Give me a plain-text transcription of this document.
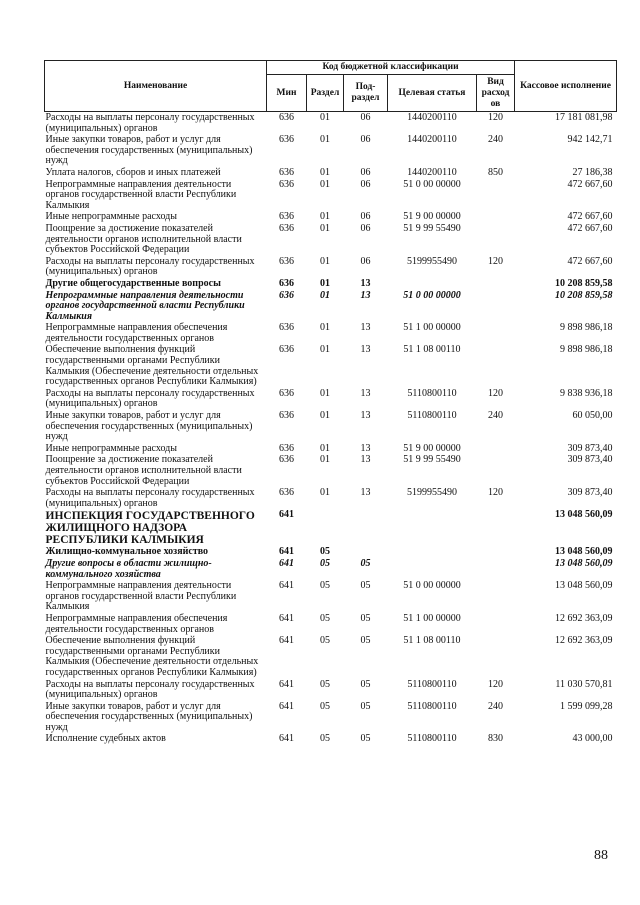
Наименование	Код бюджетной классификации					Кассовое исполнение
	Мин	Раздел	Под-раздел	Целевая статья	Вид расход ов	
Расходы на выплаты персоналу государственных (муниципальных) органов	636	01	06	1440200110	120	17 181 081,98
Иные закупки товаров, работ и услуг для обеспечения государственных (муниципальных) нужд	636	01	06	1440200110	240	942 142,71
Уплата налогов, сборов и иных платежей	636	01	06	1440200110	850	27 186,38
Непрограммные направления деятельности органов государственной власти Республики Калмыкия	636	01	06	51 0 00 00000		472 667,60
Иные непрограммные расходы	636	01	06	51 9 00 00000		472 667,60
Поощрение за достижение показателей деятельности органов исполнительной власти субъектов Российской Федерации	636	01	06	51 9 99 55490		472 667,60
Расходы на выплаты персоналу государственных (муниципальных) органов	636	01	06	5199955490	120	472 667,60
Другие общегосударственные вопросы	636	01	13			10 208 859,58
Непрограммные направления деятельности органов государственной власти Республики Калмыкия	636	01	13	51 0 00 00000		10 208 859,58
Непрограммные направления обеспечения деятельности государственных органов	636	01	13	51 1 00 00000		9 898 986,18
Обеспечение выполнения функций государственными органами Республики Калмыкия (Обеспечение деятельности отдельных государственных органов Республики Калмыкия)	636	01	13	51 1 08 00110		9 898 986,18
Расходы на выплаты персоналу государственных (муниципальных) органов	636	01	13	5110800110	120	9 838 936,18
Иные закупки товаров, работ и услуг для обеспечения государственных (муниципальных) нужд	636	01	13	5110800110	240	60 050,00
Иные непрограммные расходы	636	01	13	51 9 00 00000		309 873,40
Поощрение за достижение показателей деятельности органов исполнительной власти субъектов Российской Федерации	636	01	13	51 9 99 55490		309 873,40
Расходы на выплаты персоналу государственных (муниципальных) органов	636	01	13	5199955490	120	309 873,40
ИНСПЕКЦИЯ ГОСУДАРСТВЕННОГО ЖИЛИЩНОГО НАДЗОРА РЕСПУБЛИКИ КАЛМЫКИЯ	641					13 048 560,09
Жилищно-коммунальное хозяйство	641	05				13 048 560,09
Другие вопросы в области жилищно-коммунального хозяйства	641	05	05			13 048 560,09
Непрограммные направления деятельности органов государственной власти Республики Калмыкия	641	05	05	51 0 00 00000		13 048 560,09
Непрограммные направления обеспечения деятельности государственных органов	641	05	05	51 1 00 00000		12 692 363,09
Обеспечение выполнения функций государственными органами Республики Калмыкия (Обеспечение деятельности отдельных государственных органов Республики Калмыкия)	641	05	05	51 1 08 00110		12 692 363,09
Расходы на выплаты персоналу государственных (муниципальных) органов	641	05	05	5110800110	120	11 030 570,81
Иные закупки товаров, работ и услуг для обеспечения государственных (муниципальных) нужд	641	05	05	5110800110	240	1 599 099,28
Исполнение судебных актов	641	05	05	5110800110	830	43 000,00
88
